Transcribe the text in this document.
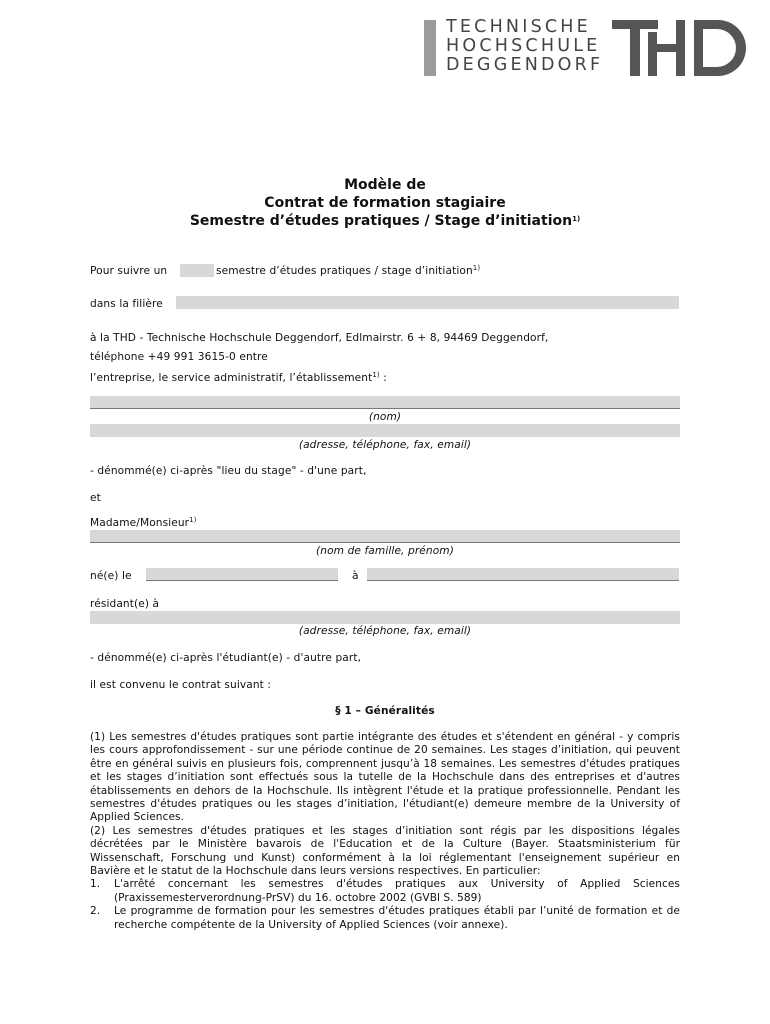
TECHNISCHE
HOCHSCHULE
DEGGENDORF
Modèle de
Contrat de formation stagiaire
Semestre d’études pratiques / Stage d’initiation$^{1)}$
Pour suivre un	semestre d’études pratiques / stage d’initiation$^{1)}$
dans la filière
à la THD - Technische Hochschule Deggendorf, Edlmairstr. 6 + 8, 94469 Deggendorf,
téléphone +49 991 3615-0 entre
l’entreprise, le service administratif, l’établissement$^{1)}$ :
(nom)
(adresse, téléphone, fax, email)
- dénommé(e) ci-après "lieu du stage" - d'une part,
et
Madame/Monsieur$^{1)}$
(nom de famille, prénom)
né(e) le	à
résidant(e) à
(adresse, téléphone, fax, email)
- dénommé(e) ci-après l'étudiant(e) - d'autre part,
il est convenu le contrat suivant :
§ 1 – Généralités

(1) Les semestres d'études pratiques sont partie intégrante des études et s'étendent en général - y compris les cours approfondissement - sur une période continue de 20 semaines. Les stages d’initiation, qui peuvent être en général suivis en plusieurs fois, comprennent jusqu’à 18 semaines. Les semestres d'études pratiques et les stages d’initiation sont effectués sous la tutelle de la Hochschule dans des entreprises et d'autres établissements en dehors de la Hochschule. Ils intègrent l'étude et la pratique professionnelle. Pendant les semestres d'études pratiques ou les stages d’initiation, l'étudiant(e) demeure membre de la University of Applied Sciences.

(2) Les semestres d'études pratiques et les stages d’initiation sont régis par les dispositions légales décrétées par le Ministère bavarois de l'Education et de la Culture (Bayer. Staatsministerium für Wissenschaft, Forschung und Kunst) conformément à la loi réglementant l'enseignement supérieur en Bavière et le statut de la Hochschule dans leurs versions respectives. En particulier:

1. L'arrêté concernant les semestres d'études pratiques aux University of Applied Sciences (Praxissemesterverordnung-PrSV) du 16. octobre 2002 (GVBl S. 589)

2. Le programme de formation pour les semestres d'études pratiques établi par l’unité de formation et de recherche compétente de la University of Applied Sciences (voir annexe).
